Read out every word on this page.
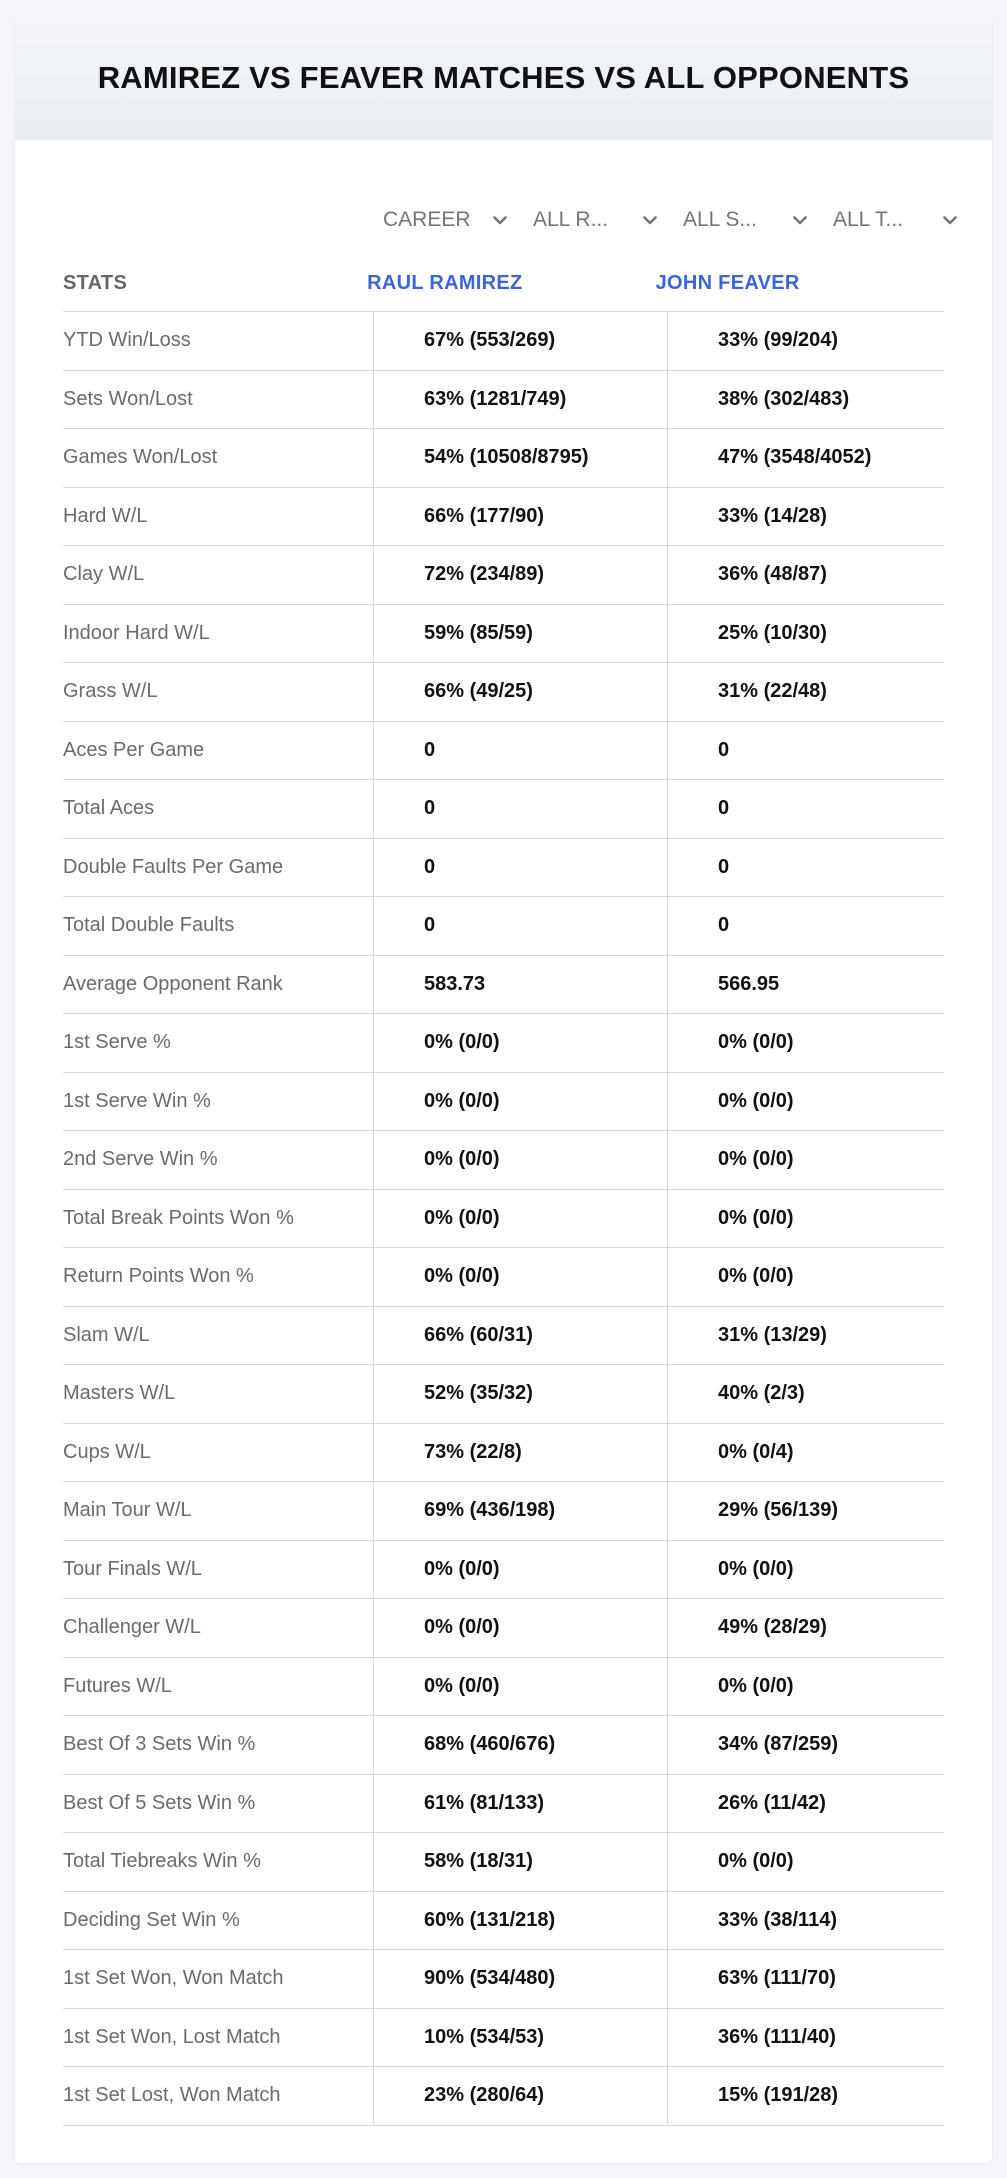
RAMIREZ VS FEAVER MATCHES VS ALL OPPONENTS
CAREER	ALL R...	ALL S...	ALL T...
STATS	RAUL RAMIREZ	JOHN FEAVER
YTD Win/Loss	67% (553/269)	33% (99/204)
Sets Won/Lost	63% (1281/749)	38% (302/483)
Games Won/Lost	54% (10508/8795)	47% (3548/4052)
Hard W/L	66% (177/90)	33% (14/28)
Clay W/L	72% (234/89)	36% (48/87)
Indoor Hard W/L	59% (85/59)	25% (10/30)
Grass W/L	66% (49/25)	31% (22/48)
Aces Per Game	0	0
Total Aces	0	0
Double Faults Per Game	0	0
Total Double Faults	0	0
Average Opponent Rank	583.73	566.95
1st Serve %	0% (0/0)	0% (0/0)
1st Serve Win %	0% (0/0)	0% (0/0)
2nd Serve Win %	0% (0/0)	0% (0/0)
Total Break Points Won %	0% (0/0)	0% (0/0)
Return Points Won %	0% (0/0)	0% (0/0)
Slam W/L	66% (60/31)	31% (13/29)
Masters W/L	52% (35/32)	40% (2/3)
Cups W/L	73% (22/8)	0% (0/4)
Main Tour W/L	69% (436/198)	29% (56/139)
Tour Finals W/L	0% (0/0)	0% (0/0)
Challenger W/L	0% (0/0)	49% (28/29)
Futures W/L	0% (0/0)	0% (0/0)
Best Of 3 Sets Win %	68% (460/676)	34% (87/259)
Best Of 5 Sets Win %	61% (81/133)	26% (11/42)
Total Tiebreaks Win %	58% (18/31)	0% (0/0)
Deciding Set Win %	60% (131/218)	33% (38/114)
1st Set Won, Won Match	90% (534/480)	63% (111/70)
1st Set Won, Lost Match	10% (534/53)	36% (111/40)
1st Set Lost, Won Match	23% (280/64)	15% (191/28)
